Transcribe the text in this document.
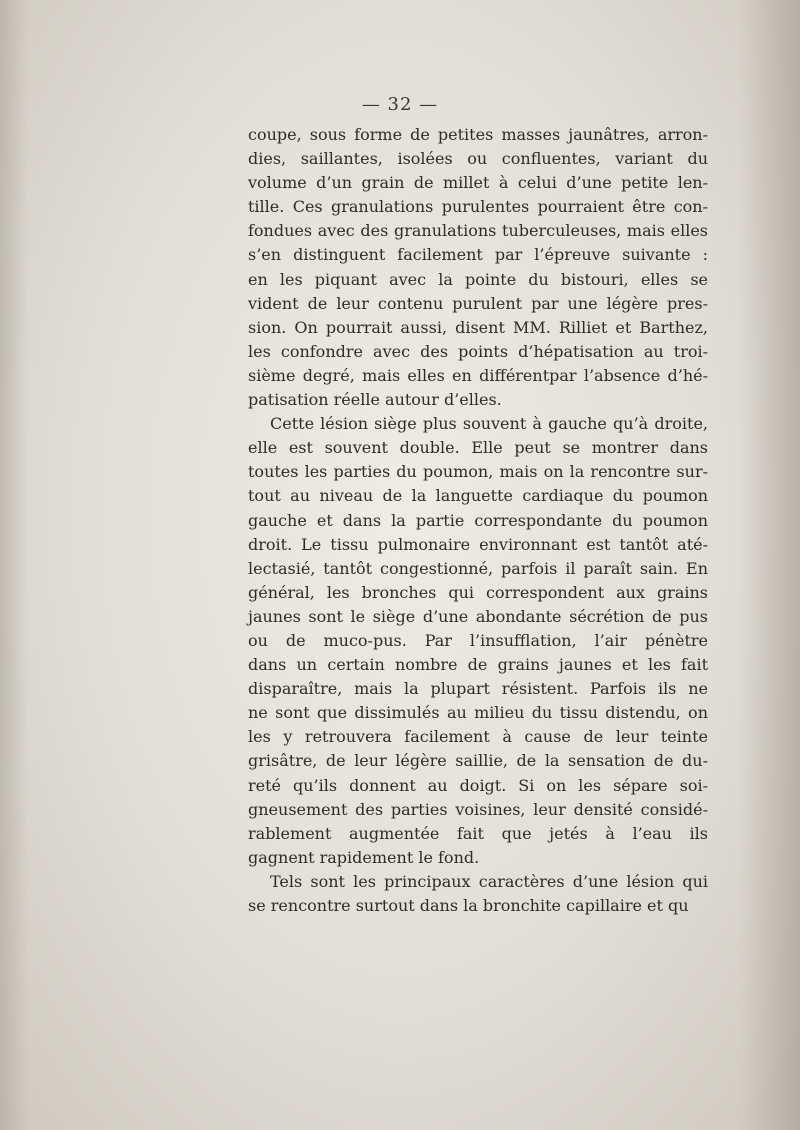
— 32 —
coupe, sous forme de petites masses jaunâtres, arron-
dies, saillantes, isolées ou confluentes, variant du
volume d’un grain de millet à celui d’une petite len-
tille. Ces granulations purulentes pourraient être con-
fondues avec des granulations tuberculeuses, mais elles
s’en distinguent facilement par l’épreuve suivante :
en les piquant avec la pointe du bistouri, elles se
vident de leur contenu purulent par une légère pres-
sion. On pourrait aussi, disent MM. Rilliet et Barthez,
les confondre avec des points d’hépatisation au troi-
sième degré, mais elles en différentpar l’absence d’hé-
patisation réelle autour d’elles.
Cette lésion siège plus souvent à gauche qu’à droite,
elle est souvent double. Elle peut se montrer dans
toutes les parties du poumon, mais on la rencontre sur-
tout au niveau de la languette cardiaque du poumon
gauche et dans la partie correspondante du poumon
droit. Le tissu pulmonaire environnant est tantôt até-
lectasié, tantôt congestionné, parfois il paraît sain. En
général, les bronches qui correspondent aux grains
jaunes sont le siège d’une abondante sécrétion de pus
ou de muco-pus. Par l’insufflation, l’air pénètre
dans un certain nombre de grains jaunes et les fait
disparaître, mais la plupart résistent. Parfois ils ne
ne sont que dissimulés au milieu du tissu distendu, on
les y retrouvera facilement à cause de leur teinte
grisâtre, de leur légère saillie, de la sensation de du-
reté qu’ils donnent au doigt. Si on les sépare soi-
gneusement des parties voisines, leur densité considé-
rablement augmentée fait que jetés à l’eau ils
gagnent rapidement le fond.
Tels sont les principaux caractères d’une lésion qui
se rencontre surtout dans la bronchite capillaire et qu
